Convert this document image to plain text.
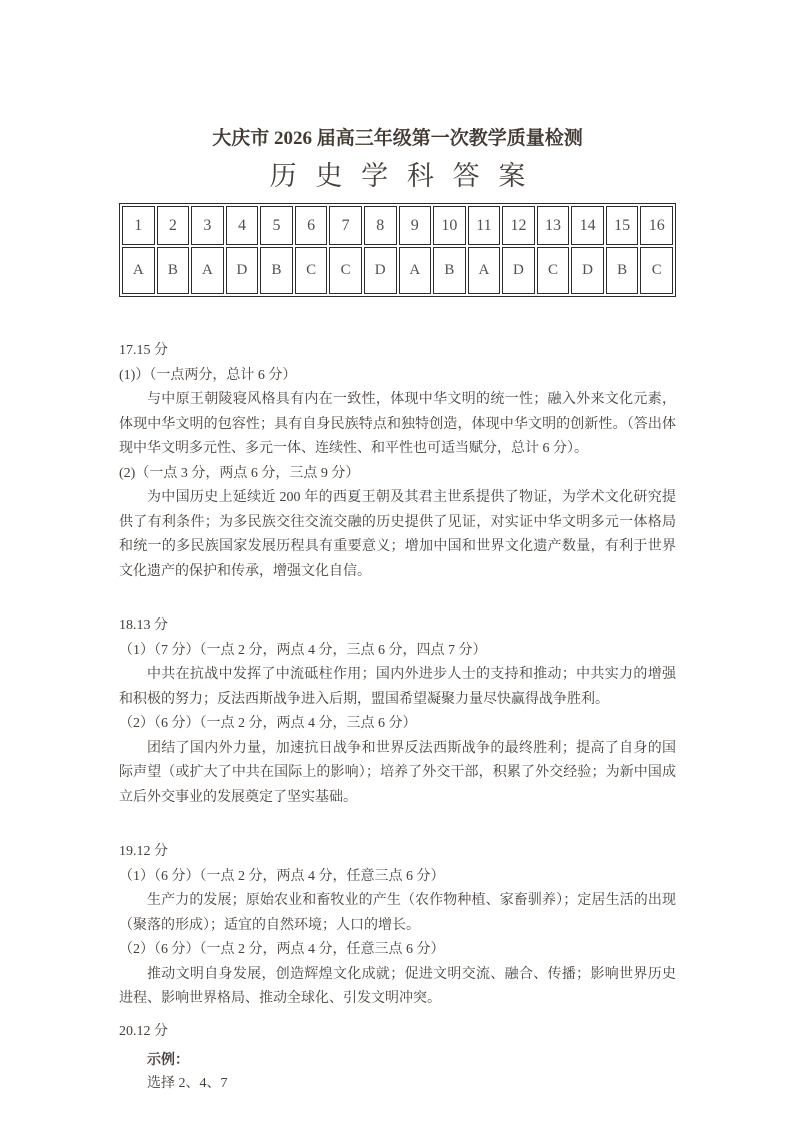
大庆市 2026 届高三年级第一次教学质量检测
历 史 学 科 答 案
1	2	3	4	5	6	7	8	9	10	11	12	13	14	15	16
A	B	A	D	B	C	C	D	A	B	A	D	C	D	B	C
17.15 分
(1)）（一点两分，总计 6 分）

与中原王朝陵寝风格具有内在一致性，体现中华文明的统一性；融入外来文化元素，体现中华文明的包容性；具有自身民族特点和独特创造，体现中华文明的创新性。（答出体现中华文明多元性、多元一体、连续性、和平性也可适当赋分，总计 6 分）。

(2)（一点 3 分，两点 6 分，三点 9 分）

为中国历史上延续近 200 年的西夏王朝及其君主世系提供了物证，为学术文化研究提供了有利条件；为多民族交往交流交融的历史提供了见证，对实证中华文明多元一体格局和统一的多民族国家发展历程具有重要意义；增加中国和世界文化遗产数量，有利于世界文化遗产的保护和传承，增强文化自信。

18.13 分
（1）（7 分）（一点 2 分，两点 4 分，三点 6 分，四点 7 分）

中共在抗战中发挥了中流砥柱作用；国内外进步人士的支持和推动；中共实力的增强和积极的努力；反法西斯战争进入后期，盟国希望凝聚力量尽快赢得战争胜利。

（2）（6 分）（一点 2 分，两点 4 分，三点 6 分）

团结了国内外力量，加速抗日战争和世界反法西斯战争的最终胜利；提高了自身的国际声望（或扩大了中共在国际上的影响）；培养了外交干部，积累了外交经验；为新中国成立后外交事业的发展奠定了坚实基础。

19.12 分
（1）（6 分）（一点 2 分，两点 4 分，任意三点 6 分）

生产力的发展；原始农业和畜牧业的产生（农作物种植、家畜驯养）；定居生活的出现（聚落的形成）；适宜的自然环境；人口的增长。

（2）（6 分）（一点 2 分，两点 4 分，任意三点 6 分）

推动文明自身发展，创造辉煌文化成就；促进文明交流、融合、传播；影响世界历史进程、影响世界格局、推动全球化、引发文明冲突。

20.12 分
示例：
选择 2、4、7
